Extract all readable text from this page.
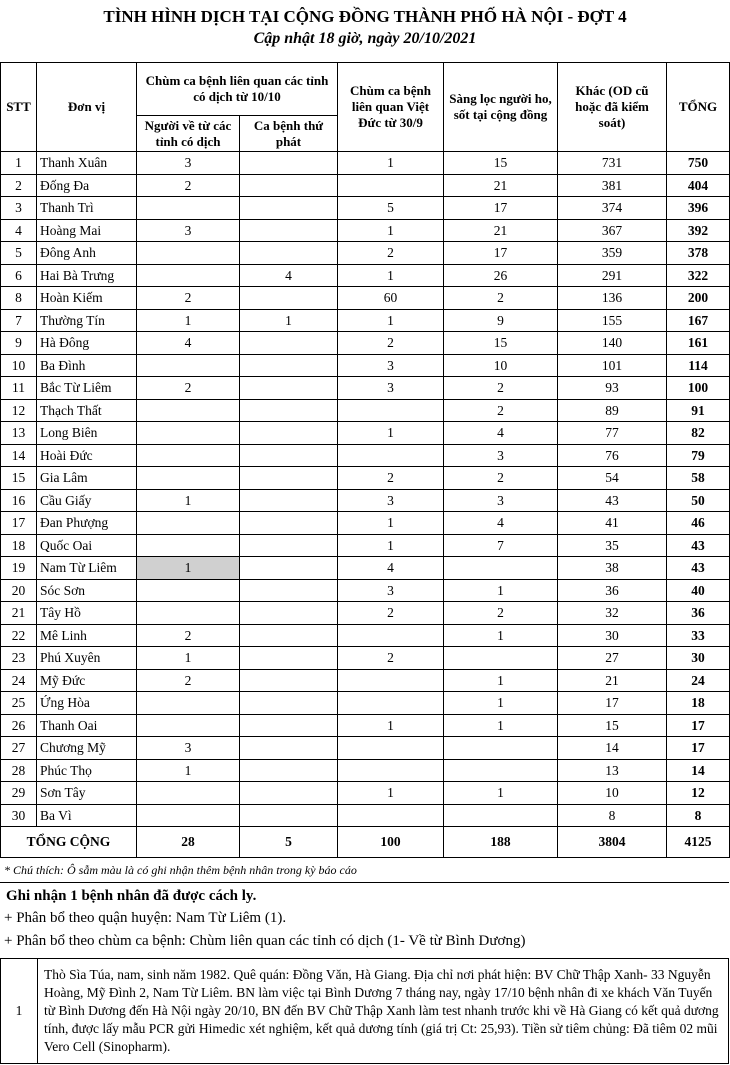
TÌNH HÌNH DỊCH TẠI CỘNG ĐỒNG THÀNH PHỐ HÀ NỘI - ĐỢT 4
Cập nhật 18 giờ, ngày 20/10/2021
STT	Đơn vị	Chùm ca bệnh liên quan các tỉnh có dịch từ 10/10		Chùm ca bệnh liên quan Việt Đức từ 30/9	Sàng lọc người ho, sốt tại cộng đồng	Khác (OD cũ hoặc đã kiểm soát)	TỔNG
		Người về từ các tỉnh có dịch	Ca bệnh thứ phát				
1	Thanh Xuân	3		1	15	731	750
2	Đống Đa	2			21	381	404
3	Thanh Trì			5	17	374	396
4	Hoàng Mai	3		1	21	367	392
5	Đông Anh			2	17	359	378
6	Hai Bà Trưng		4	1	26	291	322
8	Hoàn Kiếm	2		60	2	136	200
7	Thường Tín	1	1	1	9	155	167
9	Hà Đông	4		2	15	140	161
10	Ba Đình			3	10	101	114
11	Bắc Từ Liêm	2		3	2	93	100
12	Thạch Thất				2	89	91
13	Long Biên			1	4	77	82
14	Hoài Đức				3	76	79
15	Gia Lâm			2	2	54	58
16	Cầu Giấy	1		3	3	43	50
17	Đan Phượng			1	4	41	46
18	Quốc Oai			1	7	35	43
19	Nam Từ Liêm	1		4		38	43
20	Sóc Sơn			3	1	36	40
21	Tây Hồ			2	2	32	36
22	Mê Linh	2			1	30	33
23	Phú Xuyên	1		2		27	30
24	Mỹ Đức	2			1	21	24
25	Ứng Hòa				1	17	18
26	Thanh Oai			1	1	15	17
27	Chương Mỹ	3				14	17
28	Phúc Thọ	1				13	14
29	Sơn Tây			1	1	10	12
30	Ba Vì					8	8
TỔNG CỘNG		28	5	100	188	3804	4125
* Chú thích: Ô sẫm màu là có ghi nhận thêm bệnh nhân trong kỳ báo cáo
Ghi nhận 1 bệnh nhân đã được cách ly.
+ Phân bổ theo quận huyện: Nam Từ Liêm (1).
+ Phân bổ theo chùm ca bệnh: Chùm liên quan các tỉnh có dịch (1- Về từ Bình Dương)
1	Thò Sìa Túa, nam, sinh năm 1982. Quê quán: Đồng Văn, Hà Giang. Địa chỉ nơi phát hiện: BV Chữ Thập Xanh- 33 Nguyễn Hoàng, Mỹ Đình 2, Nam Từ Liêm. BN làm việc tại Bình Dương 7 tháng nay, ngày 17/10 bệnh nhân đi xe khách Văn Tuyến từ Bình Dương đến Hà Nội ngày 20/10, BN đến BV Chữ Thập Xanh làm test nhanh trước khi về Hà Giang có kết quả dương tính, được lấy mẫu PCR gửi Himedic xét nghiệm, kết quả dương tính (giá trị Ct: 25,93). Tiền sử tiêm chủng: Đã tiêm 02 mũi Vero Cell (Sinopharm).
